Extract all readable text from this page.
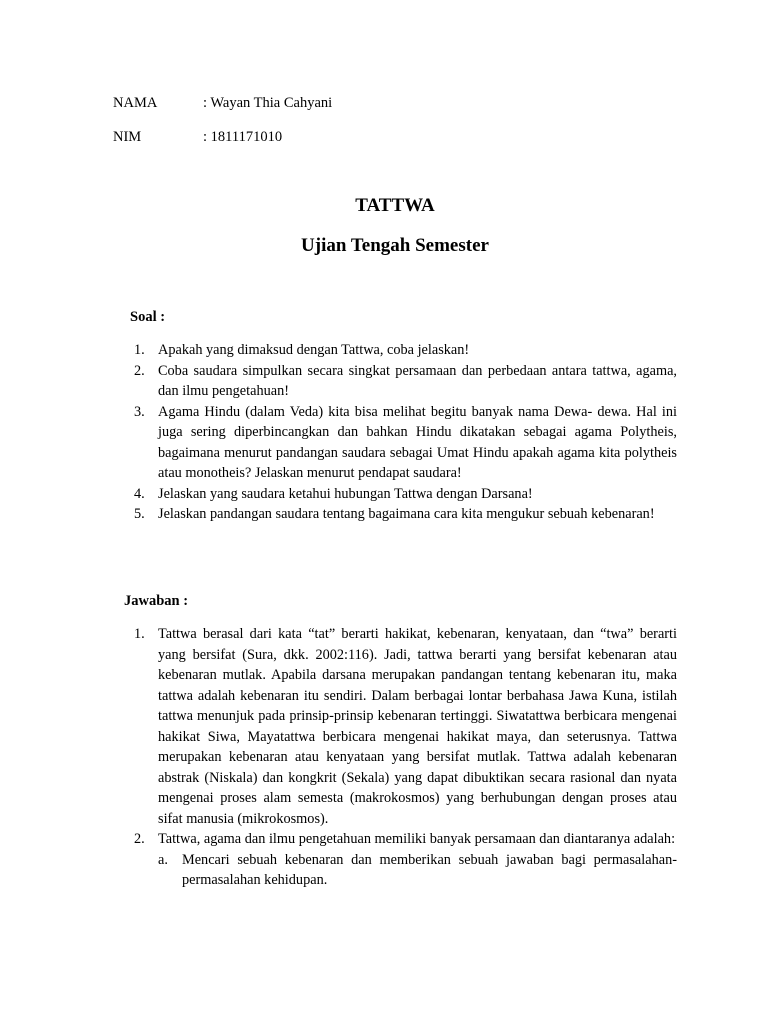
NAMA	: Wayan Thia Cahyani
NIM	: 1811171010
TATTWA
Ujian Tengah Semester
Soal :
1. Apakah yang dimaksud dengan Tattwa, coba jelaskan!
2. Coba saudara simpulkan secara singkat persamaan dan perbedaan antara tattwa, agama, dan ilmu pengetahuan!
3. Agama Hindu (dalam Veda) kita bisa melihat begitu banyak nama Dewa- dewa. Hal ini juga sering diperbincangkan dan bahkan Hindu dikatakan sebagai agama Polytheis, bagaimana menurut pandangan saudara sebagai Umat Hindu apakah agama kita polytheis atau monotheis? Jelaskan menurut pendapat saudara!
4. Jelaskan yang saudara ketahui hubungan Tattwa dengan Darsana!
5. Jelaskan pandangan saudara tentang bagaimana cara kita mengukur sebuah kebenaran!
Jawaban :
1. Tattwa berasal dari kata “tat” berarti hakikat, kebenaran, kenyataan, dan “twa” berarti yang bersifat (Sura, dkk. 2002:116). Jadi, tattwa berarti yang bersifat kebenaran atau kebenaran mutlak. Apabila darsana merupakan pandangan tentang kebenaran itu, maka tattwa adalah kebenaran itu sendiri. Dalam berbagai lontar berbahasa Jawa Kuna, istilah tattwa menunjuk pada prinsip-prinsip kebenaran tertinggi. Siwatattwa berbicara mengenai hakikat Siwa, Mayatattwa berbicara mengenai hakikat maya, dan seterusnya. Tattwa merupakan kebenaran atau kenyataan yang bersifat mutlak. Tattwa adalah kebenaran abstrak (Niskala) dan kongkrit (Sekala) yang dapat dibuktikan secara rasional dan nyata mengenai proses alam semesta (makrokosmos) yang berhubungan dengan proses atau sifat manusia (mikrokosmos).
2. Tattwa, agama dan ilmu pengetahuan memiliki banyak persamaan dan diantaranya adalah:
a. Mencari sebuah kebenaran dan memberikan sebuah jawaban bagi permasalahan-permasalahan kehidupan.
